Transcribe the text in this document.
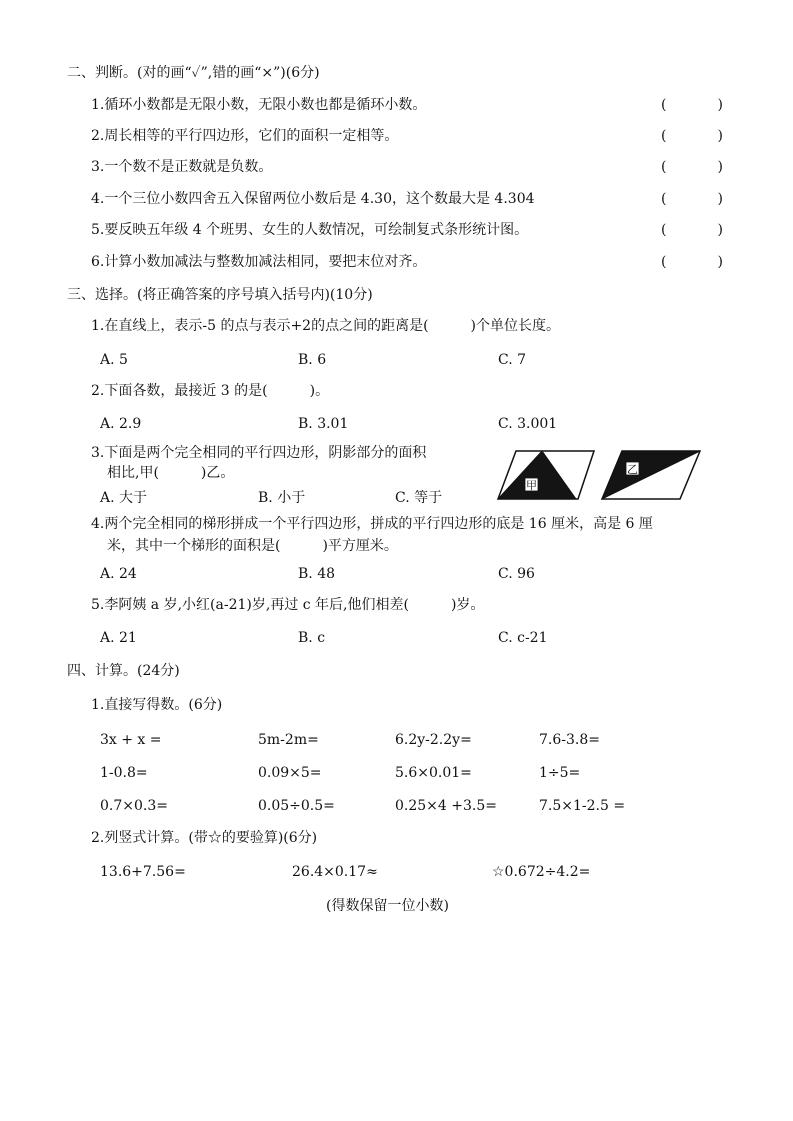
二、判断。(对的画“✓”,错的画“×”)(6分)
1.循环小数都是无限小数，无限小数也都是循环小数。	(	)
2.周长相等的平行四边形，它们的面积一定相等。	(	)
3.一个数不是正数就是负数。	(	)
4.一个三位小数四舍五入保留两位小数后是 4.30，这个数最大是 4.304	(	)
5.要反映五年级 4 个班男、女生的人数情况，可绘制复式条形统计图。	(	)
6.计算小数加减法与整数加减法相同，要把末位对齐。	(	)
三、选择。(将正确答案的序号填入括号内)(10分)
1.在直线上，表示-5 的点与表示+2的点之间的距离是(　　　)个单位长度。
A. 5	B. 6	C. 7
2.下面各数，最接近 3 的是(　　　)。
A. 2.9	B. 3.01	C. 3.001
3.下面是两个完全相同的平行四边形，阴影部分的面积
相比,甲(　　　)乙。
A. 大于	B. 小于	C. 等于
甲
乙
4.两个完全相同的梯形拼成一个平行四边形，拼成的平行四边形的底是 16 厘米，高是 6 厘
米，其中一个梯形的面积是(　　　)平方厘米。
A. 24	B. 48	C. 96
5.李阿姨 a 岁,小红(a-21)岁,再过 c 年后,他们相差(　　　)岁。
A. 21	B. c	C. c-21
四、计算。(24分)
1.直接写得数。(6分)
3x + x =	5m-2m=	6.2y-2.2y=	7.6-3.8=
1-0.8=	0.09×5=	5.6×0.01=	1÷5=
0.7×0.3=	0.05÷0.5=	0.25×4 +3.5=	7.5×1-2.5 =
2.列竖式计算。(带☆的要验算)(6分)
13.6+7.56=	26.4×0.17≈	☆0.672÷4.2=
(得数保留一位小数)
